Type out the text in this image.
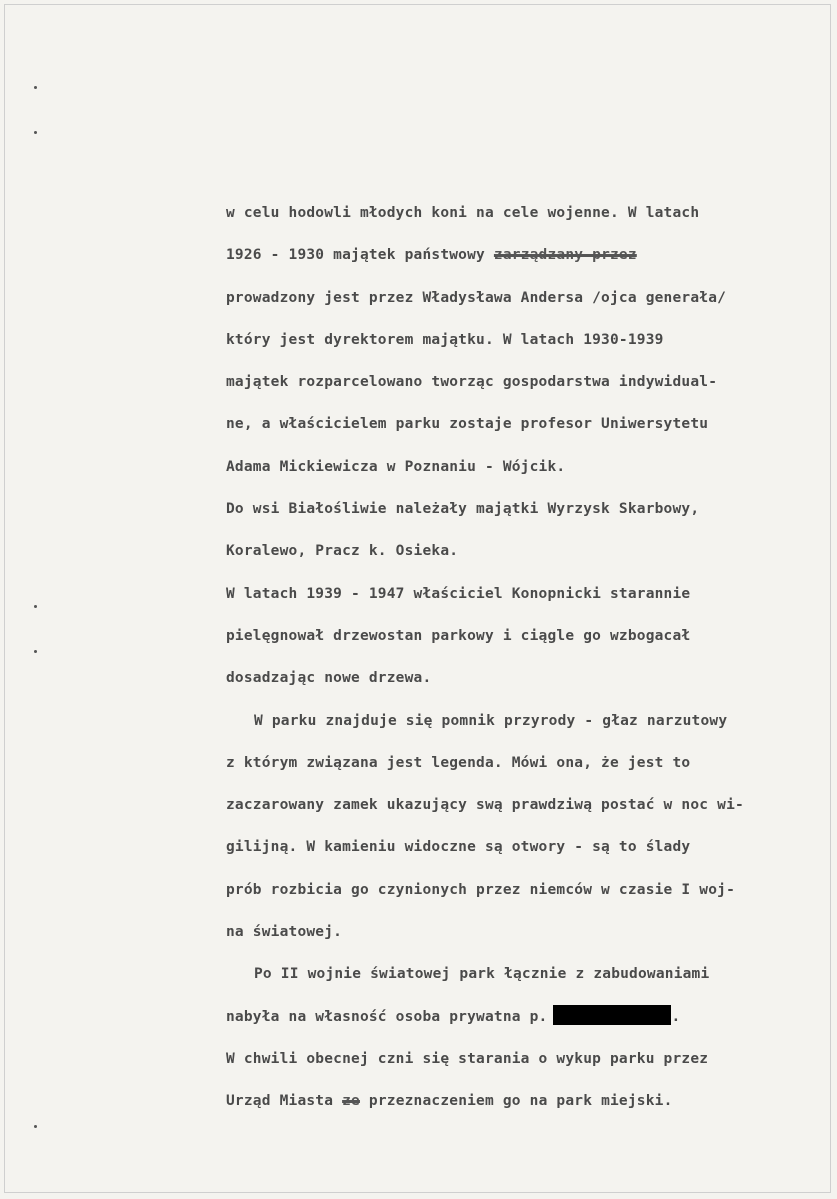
w celu hodowli młodych koni na cele wojenne. W latach
1926 - 1930 majątek państwowy zarządzany przez
prowadzony jest przez Władysława Andersa /ojca generała/
który jest dyrektorem majątku. W latach 1930-1939
majątek rozparcelowano tworząc gospodarstwa indywidual-
ne, a właścicielem parku zostaje profesor Uniwersytetu
Adama Mickiewicza w Poznaniu - Wójcik.
Do wsi Białośliwie należały majątki Wyrzysk Skarbowy,
Koralewo, Pracz k. Osieka.
W latach 1939 - 1947 właściciel Konopnicki starannie
pielęgnował drzewostan parkowy i ciągle go wzbogacał
dosadzając nowe drzewa.
W parku znajduje się pomnik przyrody - głaz narzutowy
z którym związana jest legenda. Mówi ona, że jest to
zaczarowany zamek ukazujący swą prawdziwą postać w noc wi-
gilijną. W kamieniu widoczne są otwory - są to ślady
prób rozbicia go czynionych przez niemców w czasie I woj-
na światowej.
Po II wojnie światowej park łącznie z zabudowaniami
nabyła na własność osoba prywatna p.	.
W chwili obecnej czni się starania o wykup parku przez
Urząd Miasta ze przeznaczeniem go na park miejski.
